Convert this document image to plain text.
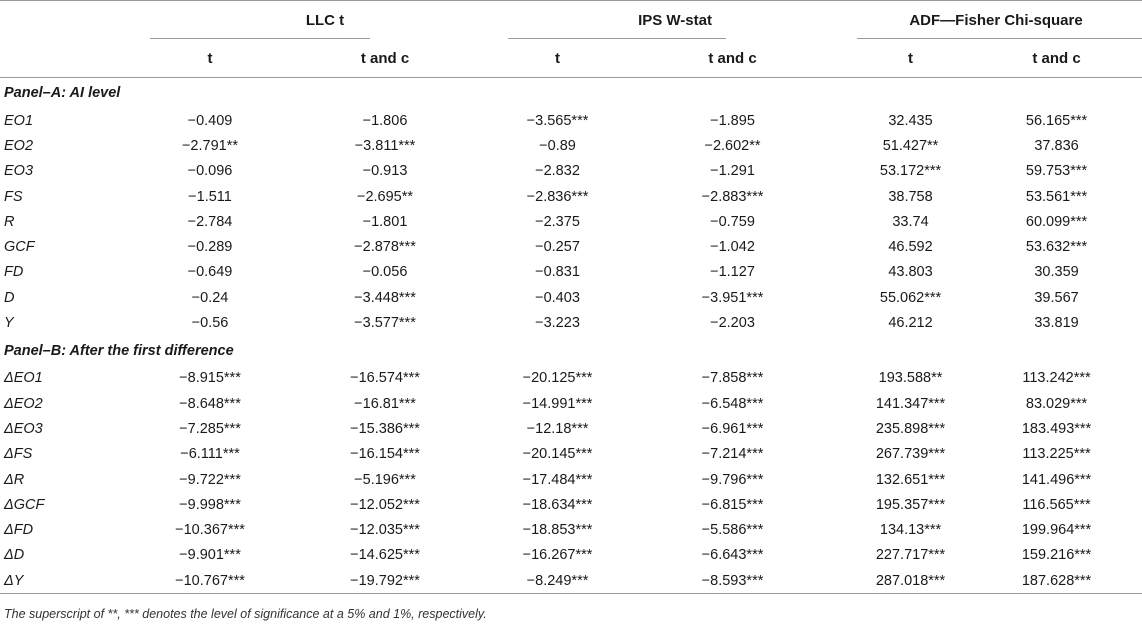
	LLC t		IPS W-stat		ADF—Fisher Chi-square	
	t	t and c	t	t and c	t	t and c
Panel–A: AI level						
EO1	−0.409	−1.806	−3.565***	−1.895	32.435	56.165***
EO2	−2.791**	−3.811***	−0.89	−2.602**	51.427**	37.836
EO3	−0.096	−0.913	−2.832	−1.291	53.172***	59.753***
FS	−1.511	−2.695**	−2.836***	−2.883***	38.758	53.561***
R	−2.784	−1.801	−2.375	−0.759	33.74	60.099***
GCF	−0.289	−2.878***	−0.257	−1.042	46.592	53.632***
FD	−0.649	−0.056	−0.831	−1.127	43.803	30.359
D	−0.24	−3.448***	−0.403	−3.951***	55.062***	39.567
Y	−0.56	−3.577***	−3.223	−2.203	46.212	33.819
Panel–B: After the first difference						
ΔEO1	−8.915***	−16.574***	−20.125***	−7.858***	193.588**	113.242***
ΔEO2	−8.648***	−16.81***	−14.991***	−6.548***	141.347***	83.029***
ΔEO3	−7.285***	−15.386***	−12.18***	−6.961***	235.898***	183.493***
ΔFS	−6.111***	−16.154***	−20.145***	−7.214***	267.739***	113.225***
ΔR	−9.722***	−5.196***	−17.484***	−9.796***	132.651***	141.496***
ΔGCF	−9.998***	−12.052***	−18.634***	−6.815***	195.357***	116.565***
ΔFD	−10.367***	−12.035***	−18.853***	−5.586***	134.13***	199.964***
ΔD	−9.901***	−14.625***	−16.267***	−6.643***	227.717***	159.216***
ΔY	−10.767***	−19.792***	−8.249***	−8.593***	287.018***	187.628***
The superscript of **, *** denotes the level of significance at a 5% and 1%, respectively.
